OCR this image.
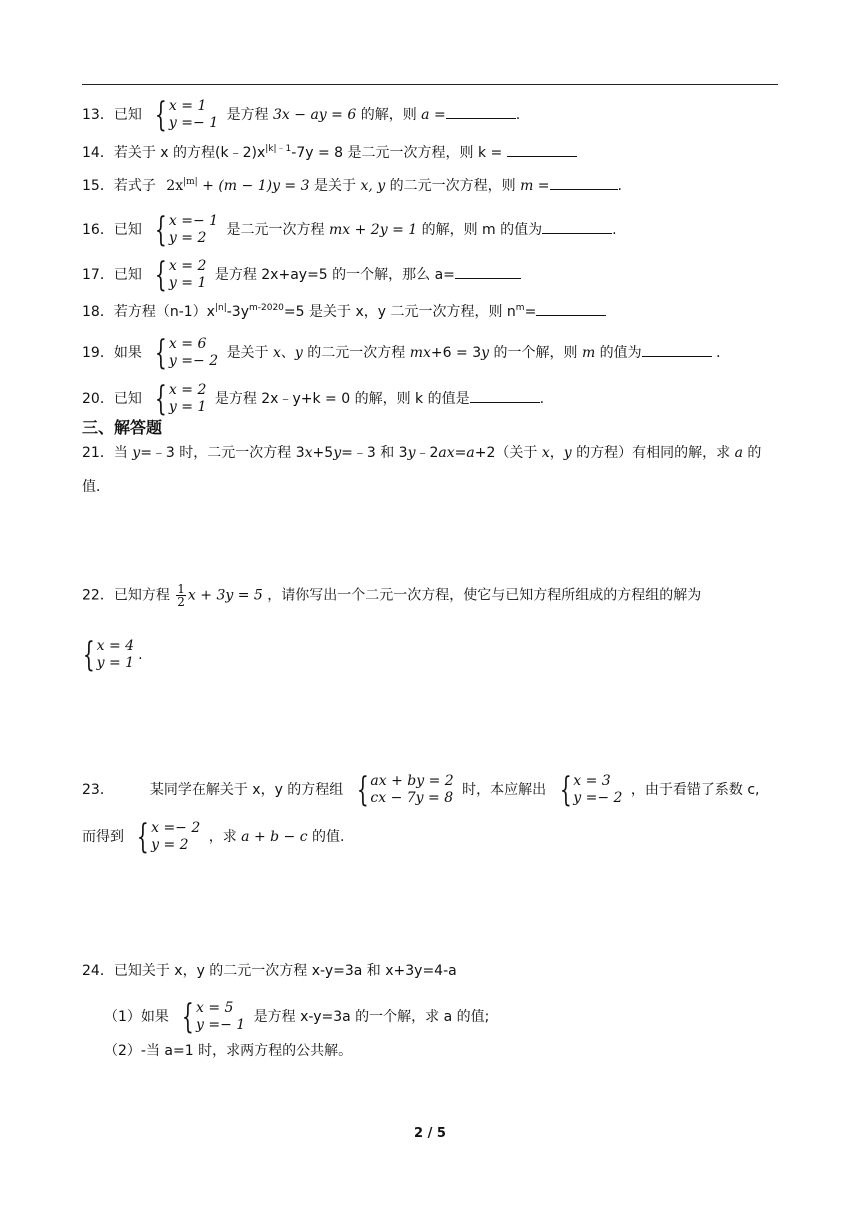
13．已知 { x = 1
y =− 1 是方程 3x − ay = 6 的解，则 a =	.
14．若关于 x 的方程$(k﹣2)x^{|k|﹣1}-7y = 8$ 是二元一次方程，则 k =
15．若式子 $2x^{|m|} + (m - 1)y = 3$ 是关于 x, y 的二元一次方程，则 m =	.
16．已知 { x =− 1
y = 2	是二元一次方程 mx + 2y = 1 的解，则 m 的值为	.
17．已知 { x = 2
y = 1 是方程 2x+ay=5 的一个解，那么 a=
18．若方程$(n-1)x^{|n|}-3y^{m-2020}=5$ 是关于 x，y 二元一次方程，则 $n^m=$
19．如果 { x = 6
y =− 2 是关于 x、y 的二元一次方程 mx+6 = 3y 的一个解，则 m 的值为	．
20．已知 { x = 2
y = 1 是方程 2x﹣y+k = 0 的解，则 k 的值是	.
三、解答题
21．当 y=﹣3 时，二元一次方程 3x+5y=﹣3 和 3y﹣2ax=a+2（关于 x，y 的方程）有相同的解，求 a 的
值．
22．已知方程 $\frac{1}{2}$ x + 3y = 5 ，请你写出一个二元一次方程，使它与已知方程所组成的方程组的解为
{ x = 4
y = 1 .
23．	某同学在解关于 x，y 的方程组 { ax + by = 2
cx − 7y = 8 时，本应解出 { x = 3
y =− 2 ，由于看错了系数 c,
而得到 { x =− 2
y = 2	，求 a + b − c 的值.
24．已知关于 x，y 的二元一次方程 x-y=3a 和 x+3y=4-a
（1）如果 { x = 5
y =− 1 是方程 x-y=3a 的一个解，求 a 的值;
（2）-当 a=1 时，求两方程的公共解。
2 / 5
